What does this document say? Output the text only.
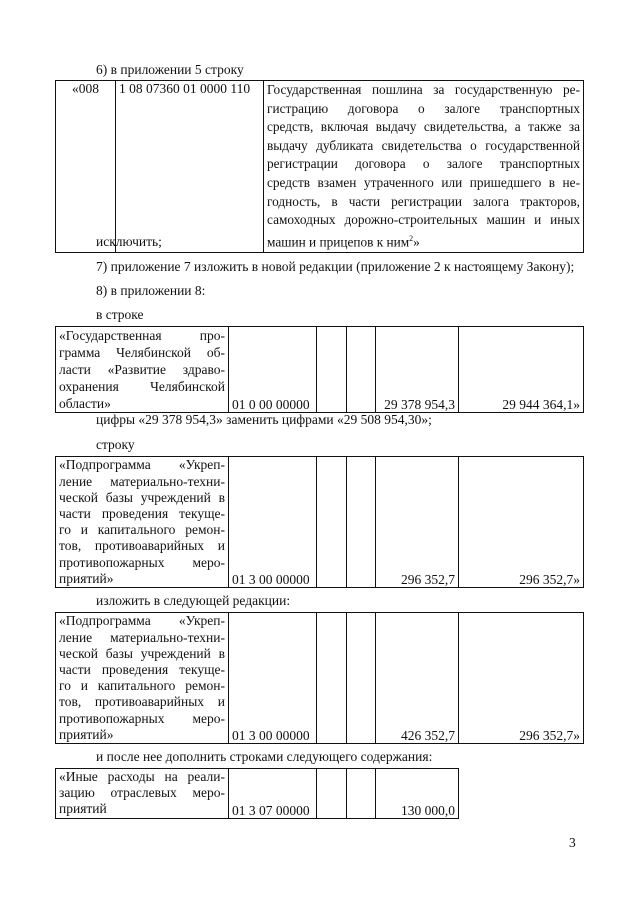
6) в приложении 5 строку
«008	1 08 07360 01 0000 110	Государственная пошлина за государственную ре-
гистрацию договора о залоге транспортных
средств, включая выдачу свидетельства, а также за
выдачу дубликата свидетельства о государственной
регистрации договора о залоге транспортных
средств взамен утраченного или пришедшего в не-
годность, в части регистрации залога тракторов,
самоходных дорожно-строительных машин и иных
машин и прицепов к ним$^2$»
исключить;
7) приложение 7 изложить в новой редакции (приложение 2 к настоящему Закону);
8) в приложении 8:
в строке
«Государственная про-
грамма Челябинской об-
ласти «Развитие здраво-
охранения Челябинской
области»	01 0 00 00000			29 378 954,3	29 944 364,1»
цифры «29 378 954,3» заменить цифрами «29 508 954,30»;
строку
«Подпрограмма «Укреп-
ление материально-техни-
ческой базы учреждений в
части проведения текуще-
го и капитального ремон-
тов, противоаварийных и
противопожарных меро-
приятий»	01 3 00 00000			296 352,7	296 352,7»
изложить в следующей редакции:
«Подпрограмма «Укреп-
ление материально-техни-
ческой базы учреждений в
части проведения текуще-
го и капитального ремон-
тов, противоаварийных и
противопожарных меро-
приятий»	01 3 00 00000			426 352,7	296 352,7»
и после нее дополнить строками следующего содержания:
«Иные расходы на реали-
зацию отраслевых меро-
приятий	01 3 07 00000			130 000,0	
3
